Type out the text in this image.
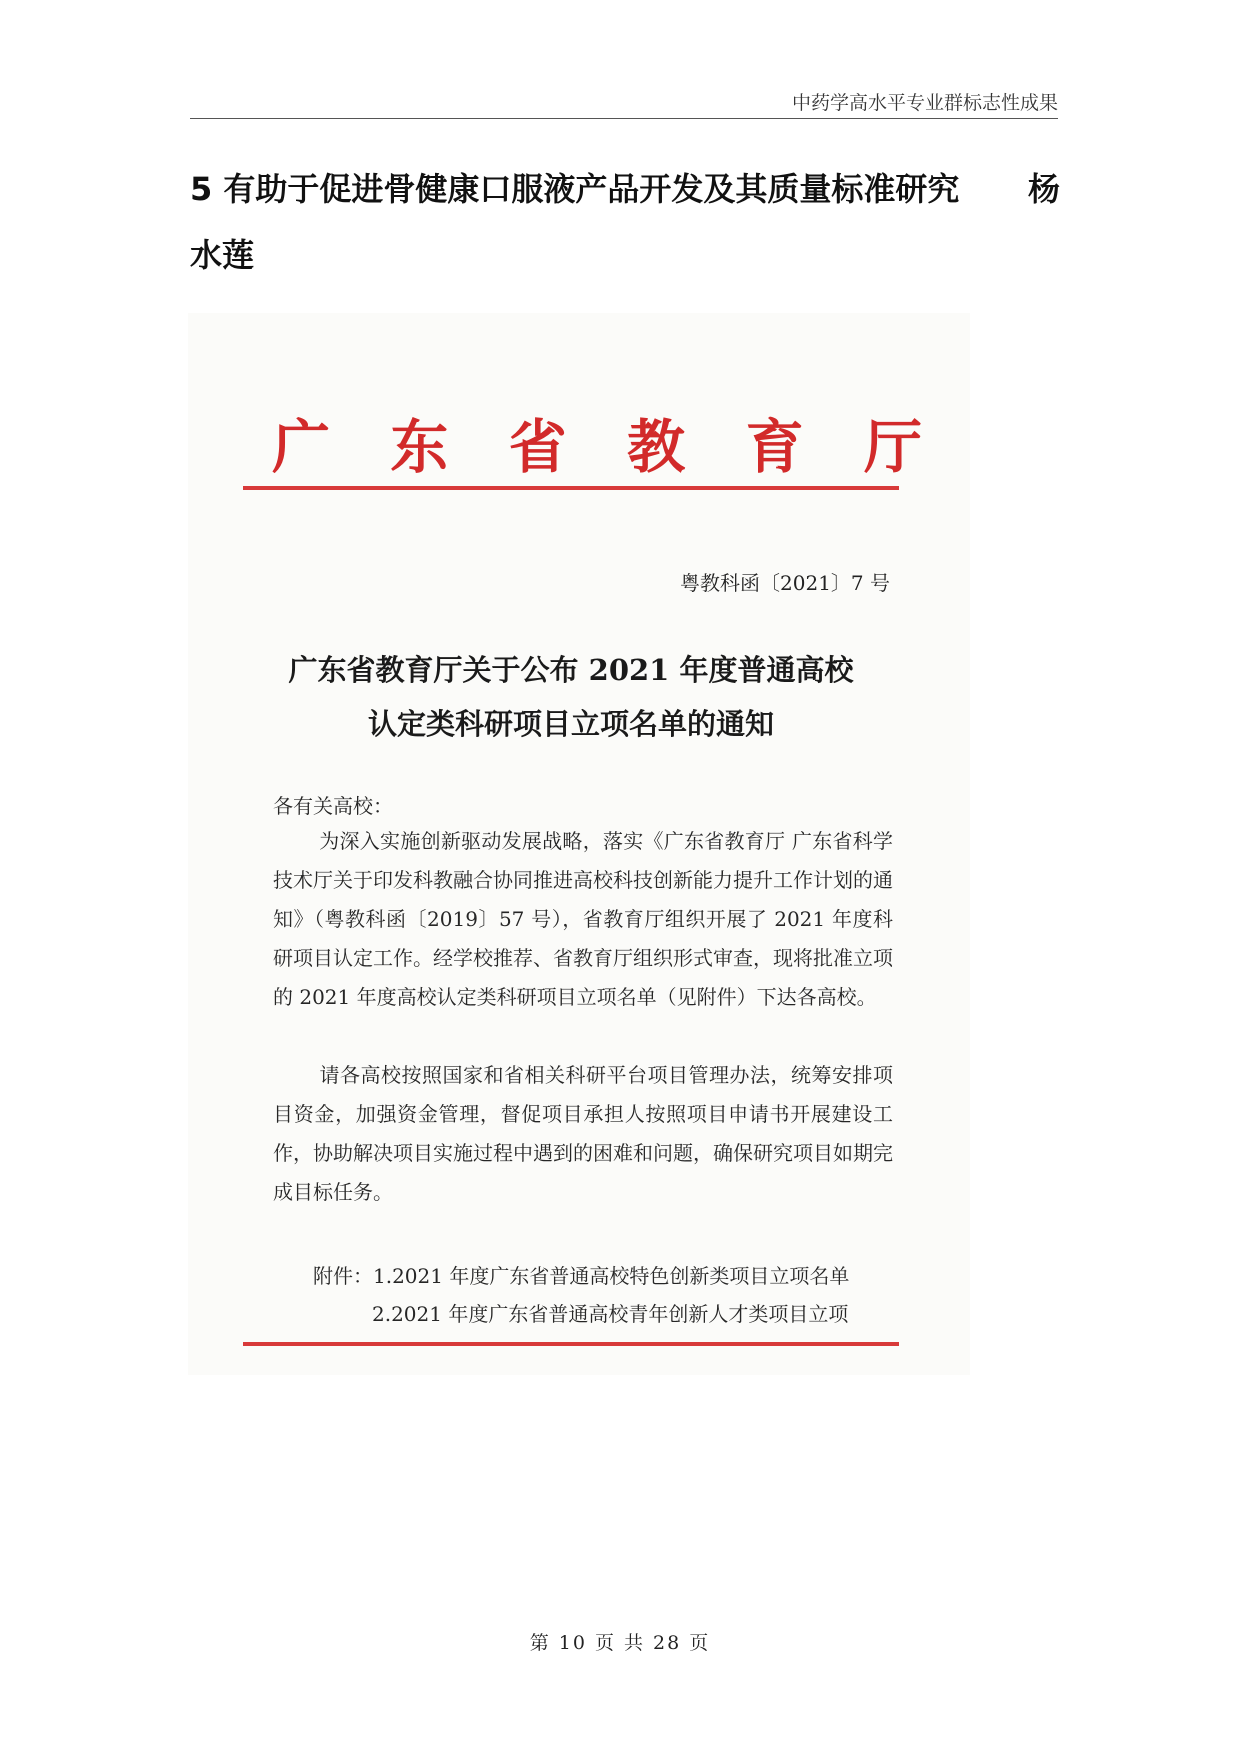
中药学高水平专业群标志性成果
5 有助于促进骨健康口服液产品开发及其质量标准研究 杨
水莲
广 东 省 教 育 厅
粤教科函〔2021〕7 号
广东省教育厅关于公布 2021 年度普通高校
认定类科研项目立项名单的通知
各有关高校：
为深入实施创新驱动发展战略，落实《广东省教育厅 广东省科学技术厅关于印发科教融合协同推进高校科技创新能力提升工作计划的通知》（粤教科函〔2019〕57 号），省教育厅组织开展了 2021 年度科研项目认定工作。经学校推荐、省教育厅组织形式审查，现将批准立项的 2021 年度高校认定类科研项目立项名单（见附件）下达各高校。
请各高校按照国家和省相关科研平台项目管理办法，统筹安排项目资金，加强资金管理，督促项目承担人按照项目申请书开展建设工作，协助解决项目实施过程中遇到的困难和问题，确保研究项目如期完成目标任务。
附件：1.2021 年度广东省普通高校特色创新类项目立项名单
2.2021 年度广东省普通高校青年创新人才类项目立项
第 10 页 共 28 页
